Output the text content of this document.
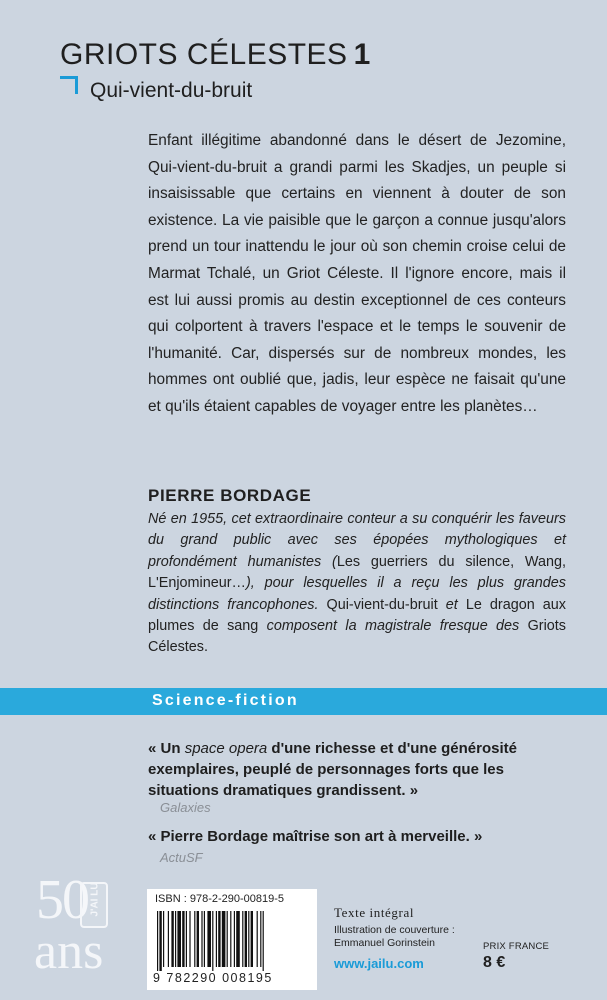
GRIOTS CÉLESTES 1
Qui-vient-du-bruit
Enfant illégitime abandonné dans le désert de Jezomine, Qui-vient-du-bruit a grandi parmi les Skadjes, un peuple si insaisissable que certains en viennent à douter de son existence. La vie paisible que le garçon a connue jusqu'alors prend un tour inattendu le jour où son chemin croise celui de Marmat Tchalé, un Griot Céleste. Il l'ignore encore, mais il est lui aussi promis au destin exceptionnel de ces conteurs qui colportent à travers l'espace et le temps le souvenir de l'humanité. Car, dispersés sur de nombreux mondes, les hommes ont oublié que, jadis, leur espèce ne faisait qu'une et qu'ils étaient capables de voyager entre les planètes…
PIERRE BORDAGE
Né en 1955, cet extraordinaire conteur a su conquérir les faveurs du grand public avec ses épopées mythologiques et profondément humanistes (Les guerriers du silence, Wang, L'Enjomineur…), pour lesquelles il a reçu les plus grandes distinctions francophones. Qui-vient-du-bruit et Le dragon aux plumes de sang composent la magistrale fresque des Griots Célestes.
Science-fiction
« Un space opera d'une richesse et d'une générosité exemplaires, peuplé de personnages forts que les situations dramatiques grandissent. »
Galaxies
« Pierre Bordage maîtrise son art à merveille. »
ActuSF
50 J'AI LU
ans
ISBN : 978-2-290-00819-5
9 782290 008195
Texte intégral
Illustration de couverture :
Emmanuel Gorinstein
www.jailu.com
PRIX FRANCE
8 €
